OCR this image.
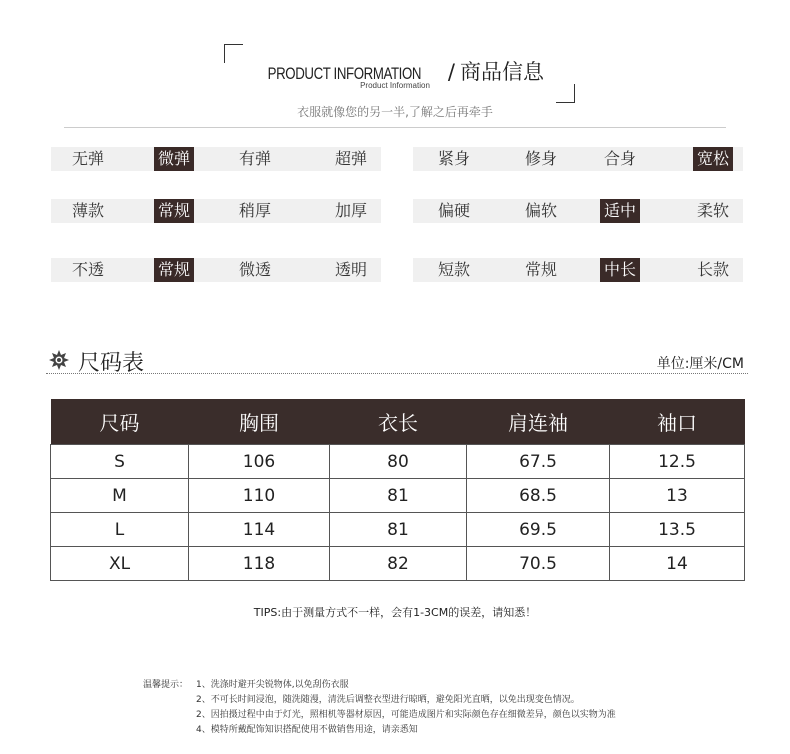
PRODUCT INFORMATION / 商品信息
Product Information
衣服就像您的另一半,了解之后再牵手
无弹	微弹	有弹	超弹	紧身	修身	合身	宽松
薄款	常规	稍厚	加厚	偏硬	偏软	适中	柔软
不透	常规	微透	透明	短款	常规	中长	长款
尺码表	单位:厘米/CM
尺码	胸围	衣长	肩连袖	袖口
S	106	80	67.5	12.5
M	110	81	68.5	13
L	114	81	69.5	13.5
XL	118	82	70.5	14
TIPS:由于测量方式不一样，会有1-3CM的误差，请知悉！
温馨提示： 1、洗涤时避开尖锐物体,以免刮伤衣服
2、不可长时间浸泡，随洗随漫，清洗后调整衣型进行晾晒，避免阳光直晒，以免出现变色情况。
2、因拍摄过程中由于灯光，照相机等器材原因，可能造成图片和实际颜色存在细微差异，颜色以实物为准
4、模特所戴配饰知识搭配使用不做销售用途，请亲悉知
